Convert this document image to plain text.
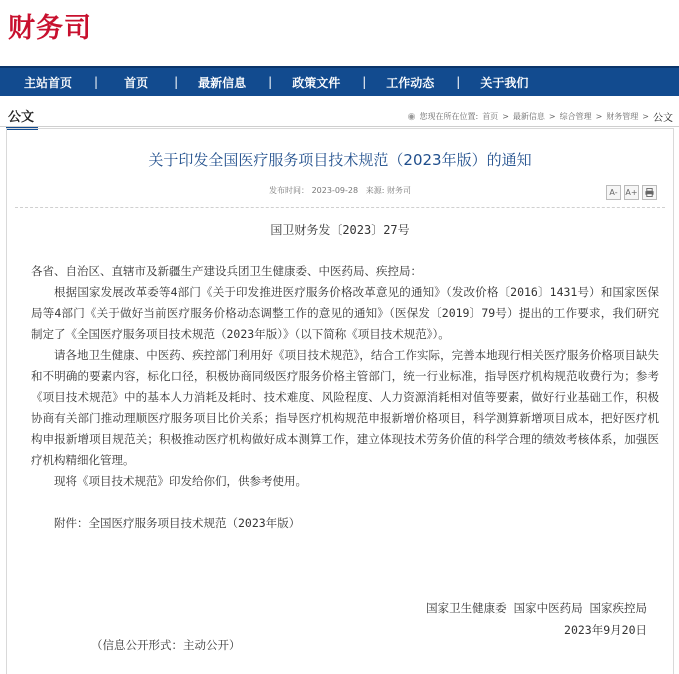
财务司
主站首页 | 首页 | 最新信息 | 政策文件 | 工作动态 | 关于我们
公文	◉ 您现在所在位置: 首页 > 最新信息 > 综合管理 > 财务管理 > 公文
关于印发全国医疗服务项目技术规范（2023年版）的通知
发布时间： 2023-09-28 来源: 财务司	A- A+
国卫财务发〔2023〕27号

各省、自治区、直辖市及新疆生产建设兵团卫生健康委、中医药局、疾控局：

根据国家发展改革委等4部门《关于印发推进医疗服务价格改革意见的通知》（发改价格〔2016〕1431号）和国家医保局等4部门《关于做好当前医疗服务价格动态调整工作的意见的通知》（医保发〔2019〕79号）提出的工作要求，我们研究制定了《全国医疗服务项目技术规范（2023年版）》（以下简称《项目技术规范》）。

请各地卫生健康、中医药、疾控部门利用好《项目技术规范》，结合工作实际，完善本地现行相关医疗服务价格项目缺失和不明确的要素内容，标化口径，积极协商同级医疗服务价格主管部门，统一行业标准，指导医疗机构规范收费行为；参考《项目技术规范》中的基本人力消耗及耗时、技术难度、风险程度、人力资源消耗相对值等要素，做好行业基础工作，积极协商有关部门推动理顺医疗服务项目比价关系；指导医疗机构规范申报新增价格项目，科学测算新增项目成本，把好医疗机构申报新增项目规范关；积极推动医疗机构做好成本测算工作，建立体现技术劳务价值的科学合理的绩效考核体系，加强医疗机构精细化管理。

现将《项目技术规范》印发给你们，供参考使用。

附件：全国医疗服务项目技术规范（2023年版）

国家卫生健康委 国家中医药局 国家疾控局
2023年9月20日
（信息公开形式：主动公开）
